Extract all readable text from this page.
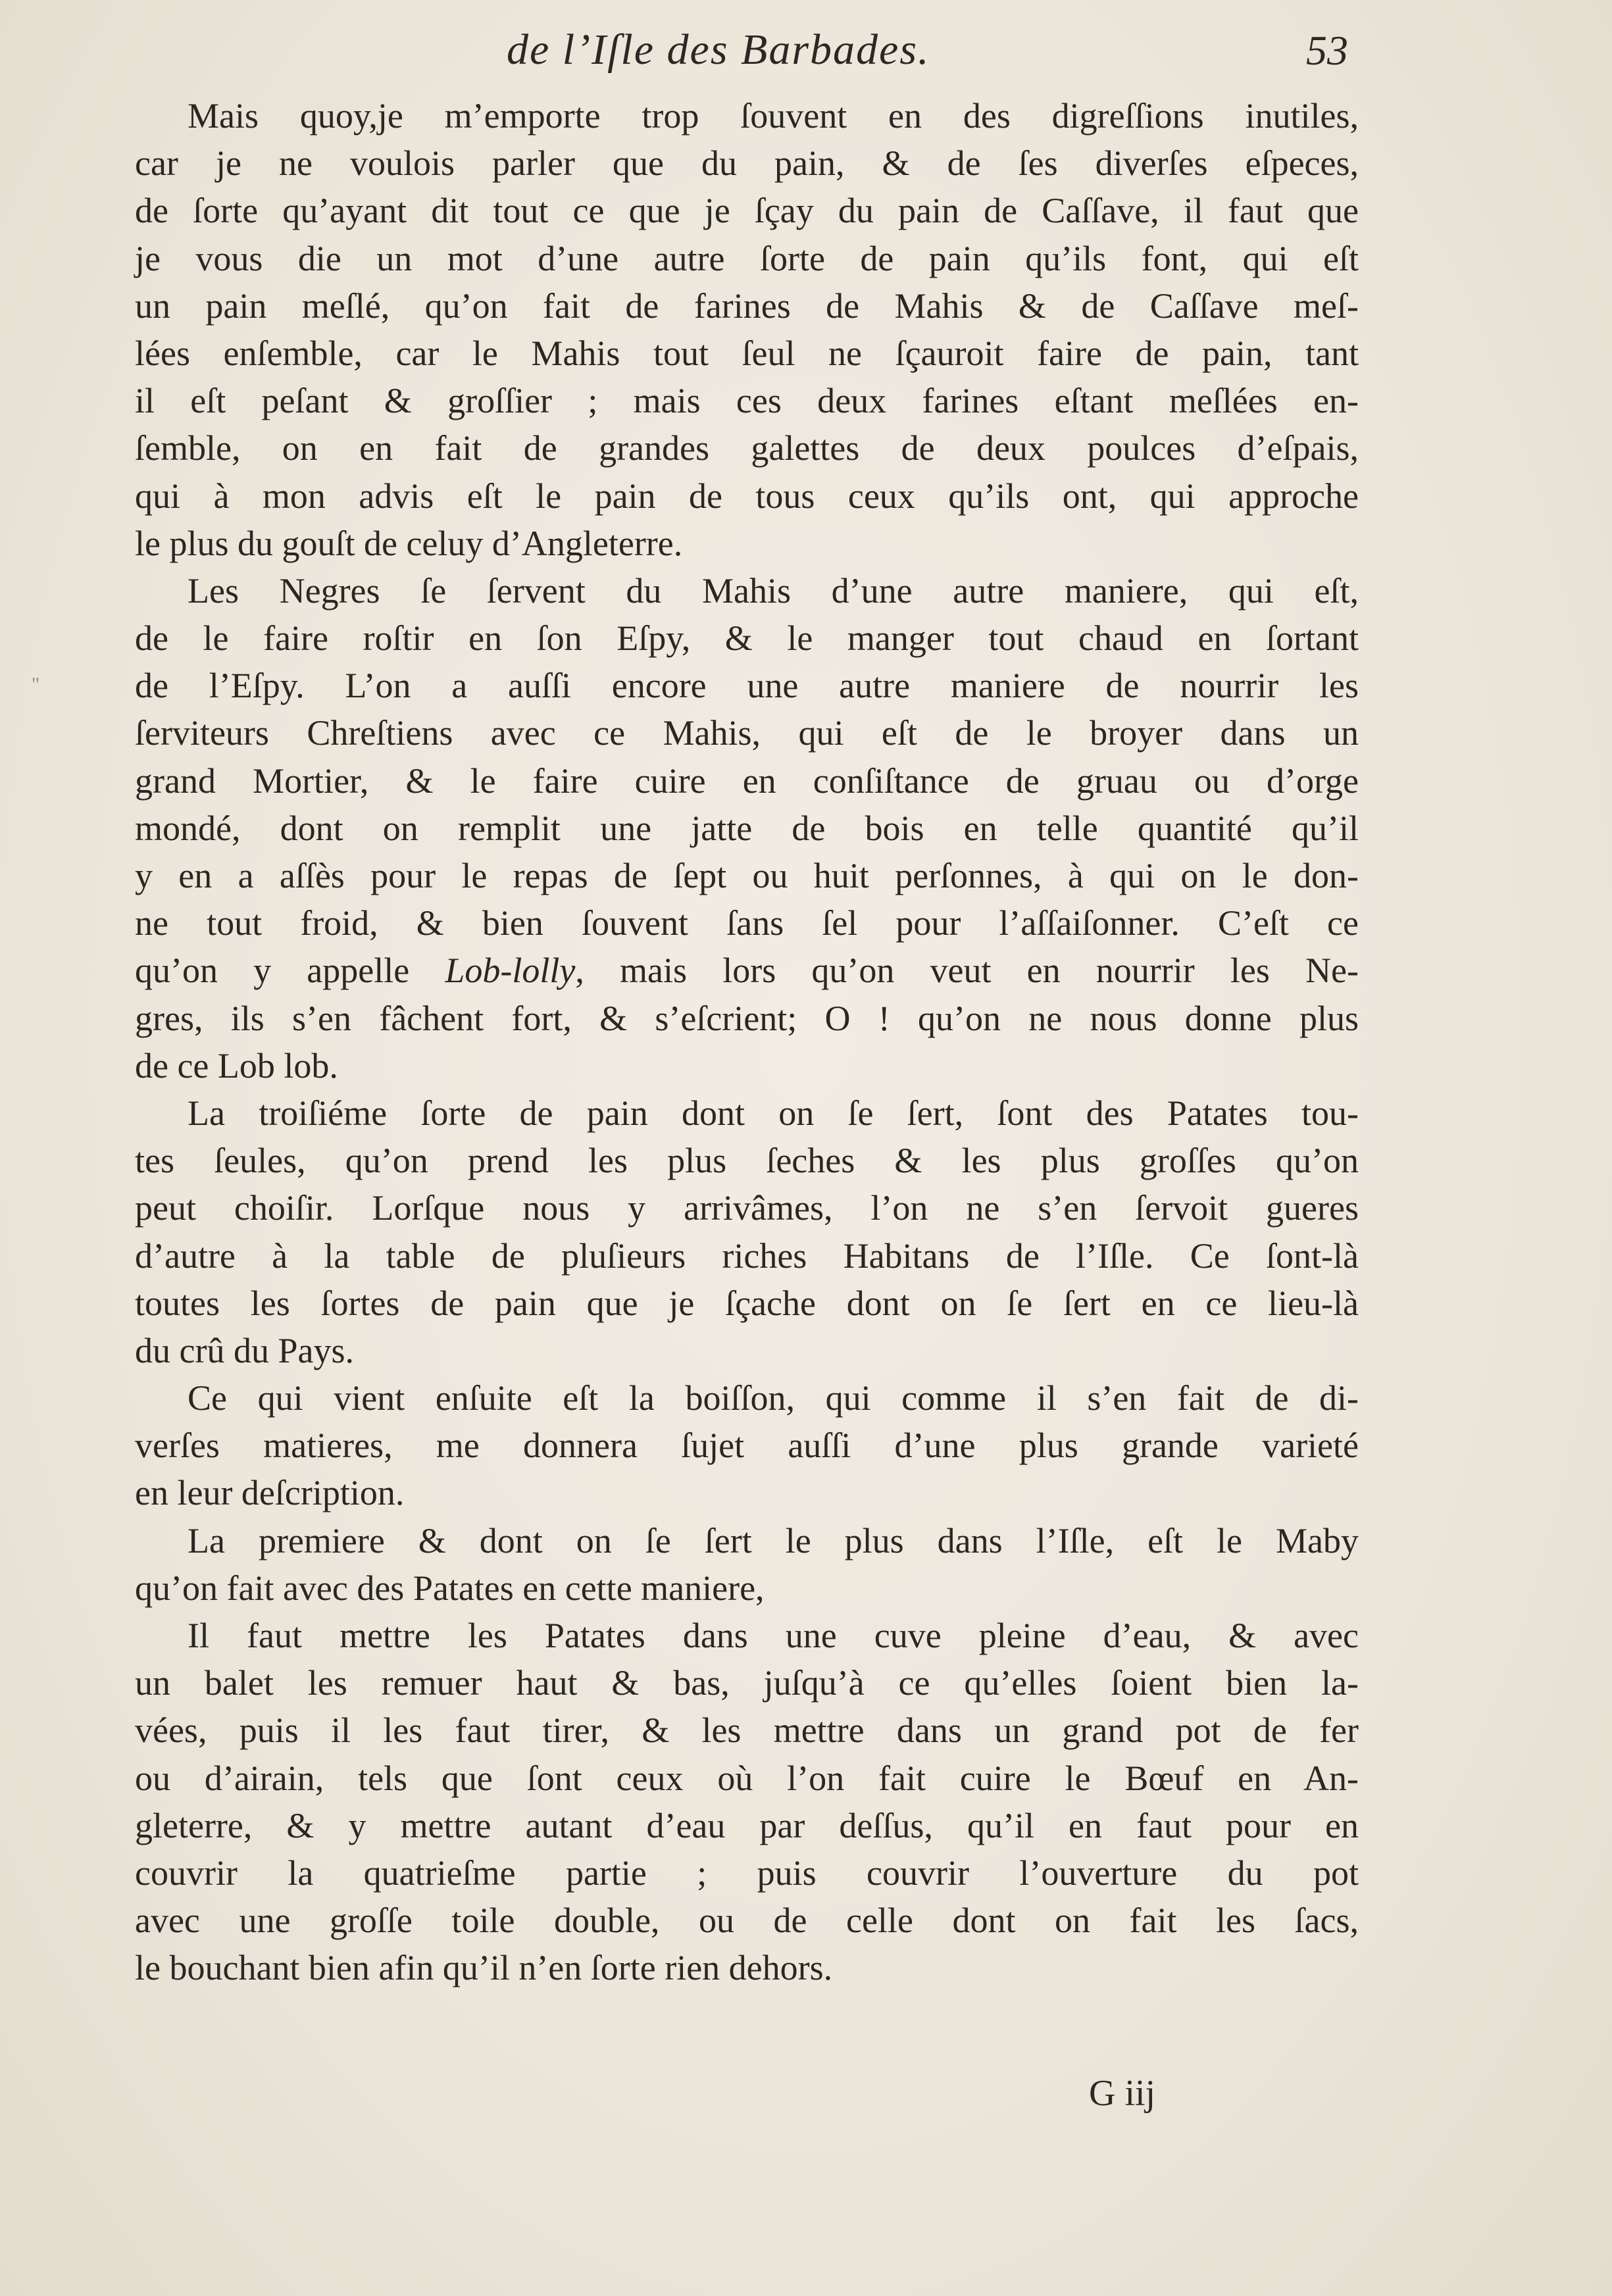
de l’Iſle des Barbades.	53
Mais quoy,je m’emporte trop ſouvent en des digreſſions inutiles,
car je ne voulois parler que du pain, & de ſes diverſes eſpeces,
de ſorte qu’ayant dit tout ce que je ſçay du pain de Caſſave, il faut que
je vous die un mot d’une autre ſorte de pain qu’ils font, qui eſt
un pain meſlé, qu’on fait de farines de Mahis & de Caſſave meſ-
lées enſemble, car le Mahis tout ſeul ne ſçauroit faire de pain, tant
il eſt peſant & groſſier ; mais ces deux farines eſtant meſlées en-
ſemble, on en fait de grandes galettes de deux poulces d’eſpais,
qui à mon advis eſt le pain de tous ceux qu’ils ont, qui approche
le plus du gouſt de celuy d’Angleterre.
Les Negres ſe ſervent du Mahis d’une autre maniere, qui eſt,
de le faire roſtir en ſon Eſpy, & le manger tout chaud en ſortant
de l’Eſpy. L’on a auſſi encore une autre maniere de nourrir les
ſerviteurs Chreſtiens avec ce Mahis, qui eſt de le broyer dans un
grand Mortier, & le faire cuire en conſiſtance de gruau ou d’orge
mondé, dont on remplit une jatte de bois en telle quantité qu’il
y en a aſſès pour le repas de ſept ou huit perſonnes, à qui on le don-
ne tout froid, & bien ſouvent ſans ſel pour l’aſſaiſonner. C’eſt ce
qu’on y appelle Lob-lolly, mais lors qu’on veut en nourrir les Ne-
gres, ils s’en fâchent fort, & s’eſcrient; O ! qu’on ne nous donne plus
de ce Lob lob.
La troiſiéme ſorte de pain dont on ſe ſert, ſont des Patates tou-
tes ſeules, qu’on prend les plus ſeches & les plus groſſes qu’on
peut choiſir. Lorſque nous y arrivâmes, l’on ne s’en ſervoit gueres
d’autre à la table de pluſieurs riches Habitans de l’Iſle. Ce ſont-là
toutes les ſortes de pain que je ſçache dont on ſe ſert en ce lieu-là
du crû du Pays.
Ce qui vient enſuite eſt la boiſſon, qui comme il s’en fait de di-
verſes matieres, me donnera ſujet auſſi d’une plus grande varieté
en leur deſcription.
La premiere & dont on ſe ſert le plus dans l’Iſle, eſt le Maby
qu’on fait avec des Patates en cette maniere,
Il faut mettre les Patates dans une cuve pleine d’eau, & avec
un balet les remuer haut & bas, juſqu’à ce qu’elles ſoient bien la-
vées, puis il les faut tirer, & les mettre dans un grand pot de fer
ou d’airain, tels que ſont ceux où l’on fait cuire le Bœuf en An-
gleterre, & y mettre autant d’eau par deſſus, qu’il en faut pour en
couvrir la quatrieſme partie ; puis couvrir l’ouverture du pot
avec une groſſe toile double, ou de celle dont on fait les ſacs,
le bouchant bien afin qu’il n’en ſorte rien dehors.
G iij
"
